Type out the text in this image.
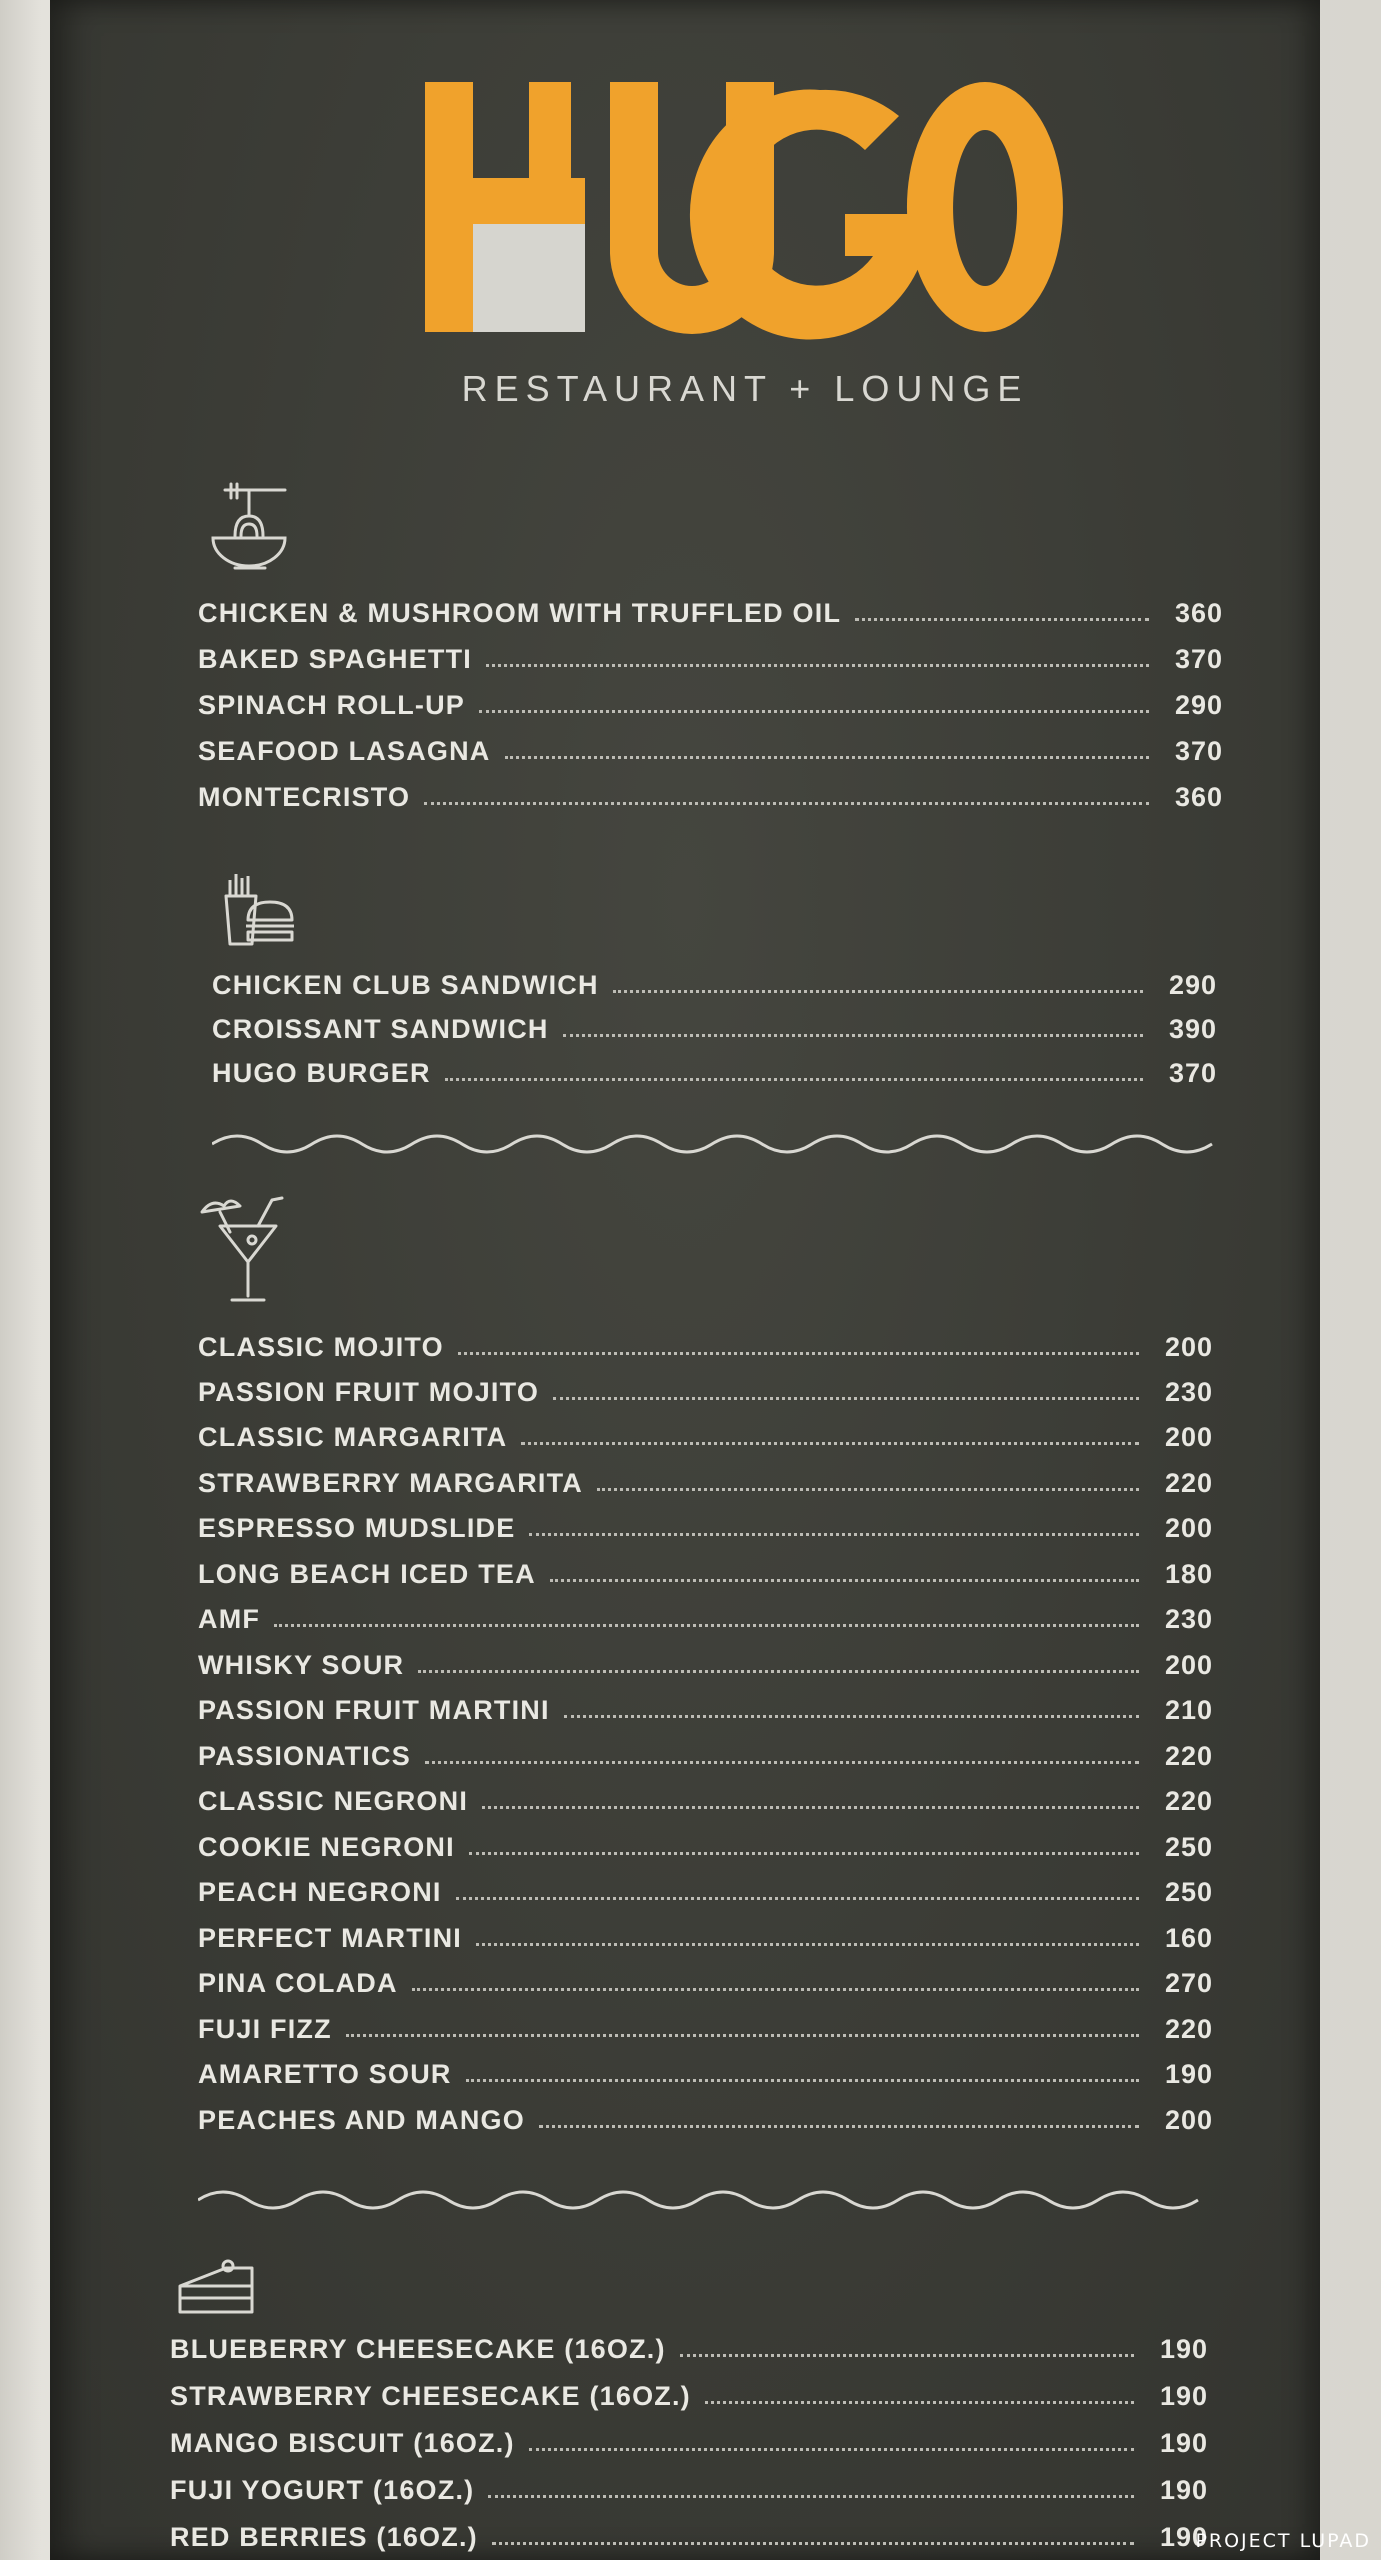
RESTAURANT + LOUNGE
CHICKEN & MUSHROOM WITH TRUFFLED OIL	360
BAKED SPAGHETTI	370
SPINACH ROLL-UP	290
SEAFOOD LASAGNA	370
MONTECRISTO	360
CHICKEN CLUB SANDWICH	290
CROISSANT SANDWICH	390
HUGO BURGER	370
CLASSIC MOJITO	200
PASSION FRUIT MOJITO	230
CLASSIC MARGARITA	200
STRAWBERRY MARGARITA	220
ESPRESSO MUDSLIDE	200
LONG BEACH ICED TEA	180
AMF	230
WHISKY SOUR	200
PASSION FRUIT MARTINI	210
PASSIONATICS	220
CLASSIC NEGRONI	220
COOKIE NEGRONI	250
PEACH NEGRONI	250
PERFECT MARTINI	160
PINA COLADA	270
FUJI FIZZ	220
AMARETTO SOUR	190
PEACHES AND MANGO	200
BLUEBERRY CHEESECAKE (16OZ.)	190
STRAWBERRY CHEESECAKE (16OZ.)	190
MANGO BISCUIT (16OZ.)	190
FUJI YOGURT (16OZ.)	190
RED BERRIES (16OZ.)	190
PROJECT LUPAD
